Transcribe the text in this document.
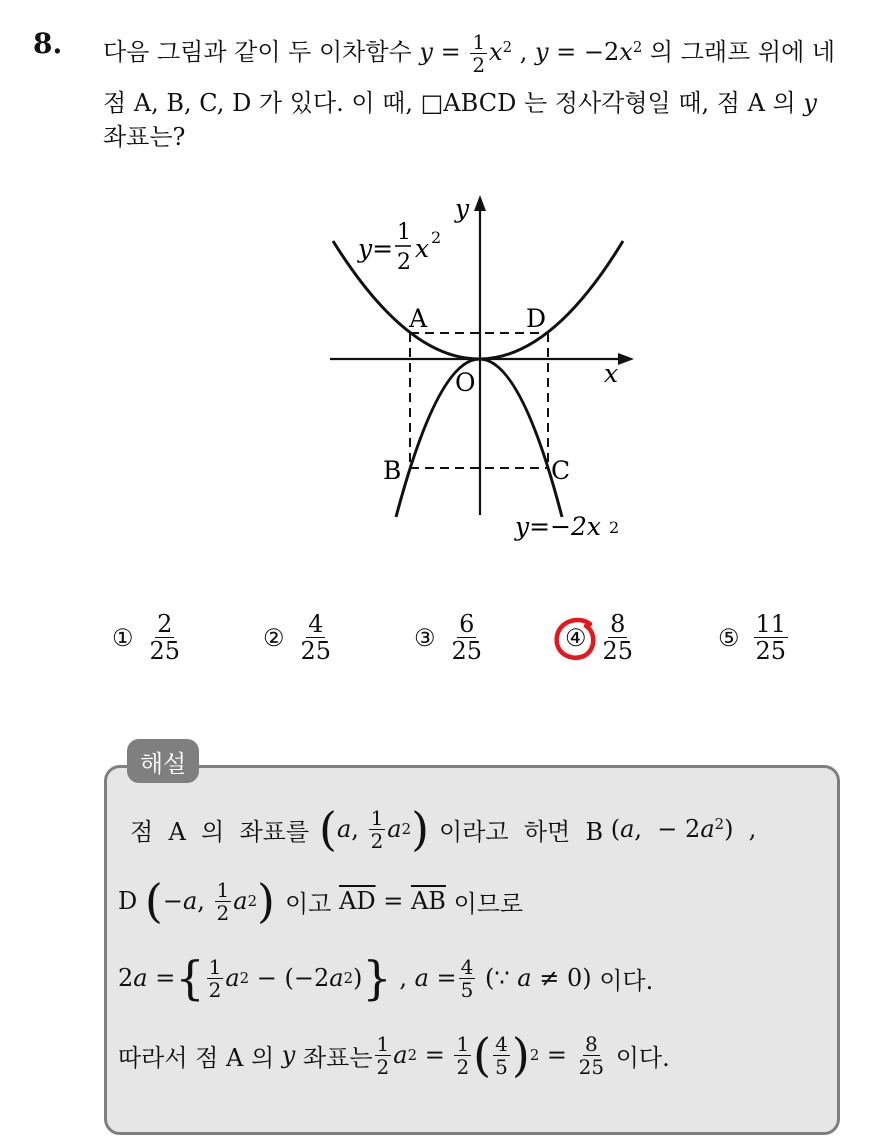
8. 다음 그림과 같이 두 이차함수 $y = \frac{1}{2} x^2$ , $y = -2x^2$ 의 그래프 위에 네
점 A, B, C, D 가 있다. 이 때, □ABCD 는 정사각형일 때, 점 A 의 y
좌표는?
y=
1
2 x 2
y=−2x 2
x
y
O
A	D
B	C
① $\frac{2}{25}$	② $\frac{4}{25}$	③ $\frac{6}{25}$	④ $\frac{8}{25}$	⑤ $\frac{11}{25}$
해설
점  A  의  좌표를 ( a , $\frac{1}{2}$ a 2 ) 이라고  하면  B (a,  − $2a^2$)  ,
D ( − a , $\frac{1}{2}$ a 2 ) 이고 $\overline{AD} = \overline{AB}$ 이므로
2a = { $\frac{1}{2}$ a 2 − (−2 a 2 ) } , $a = \frac{4}{5}$ (∵ a ≠ 0) 이다.
따라서 점 A 의 y 좌표는 $\frac{1}{2}$ a $2 = \frac{1}{2}$ ( $\frac{4}{5}$ ) $2 = \frac{8}{25}$
이다.
